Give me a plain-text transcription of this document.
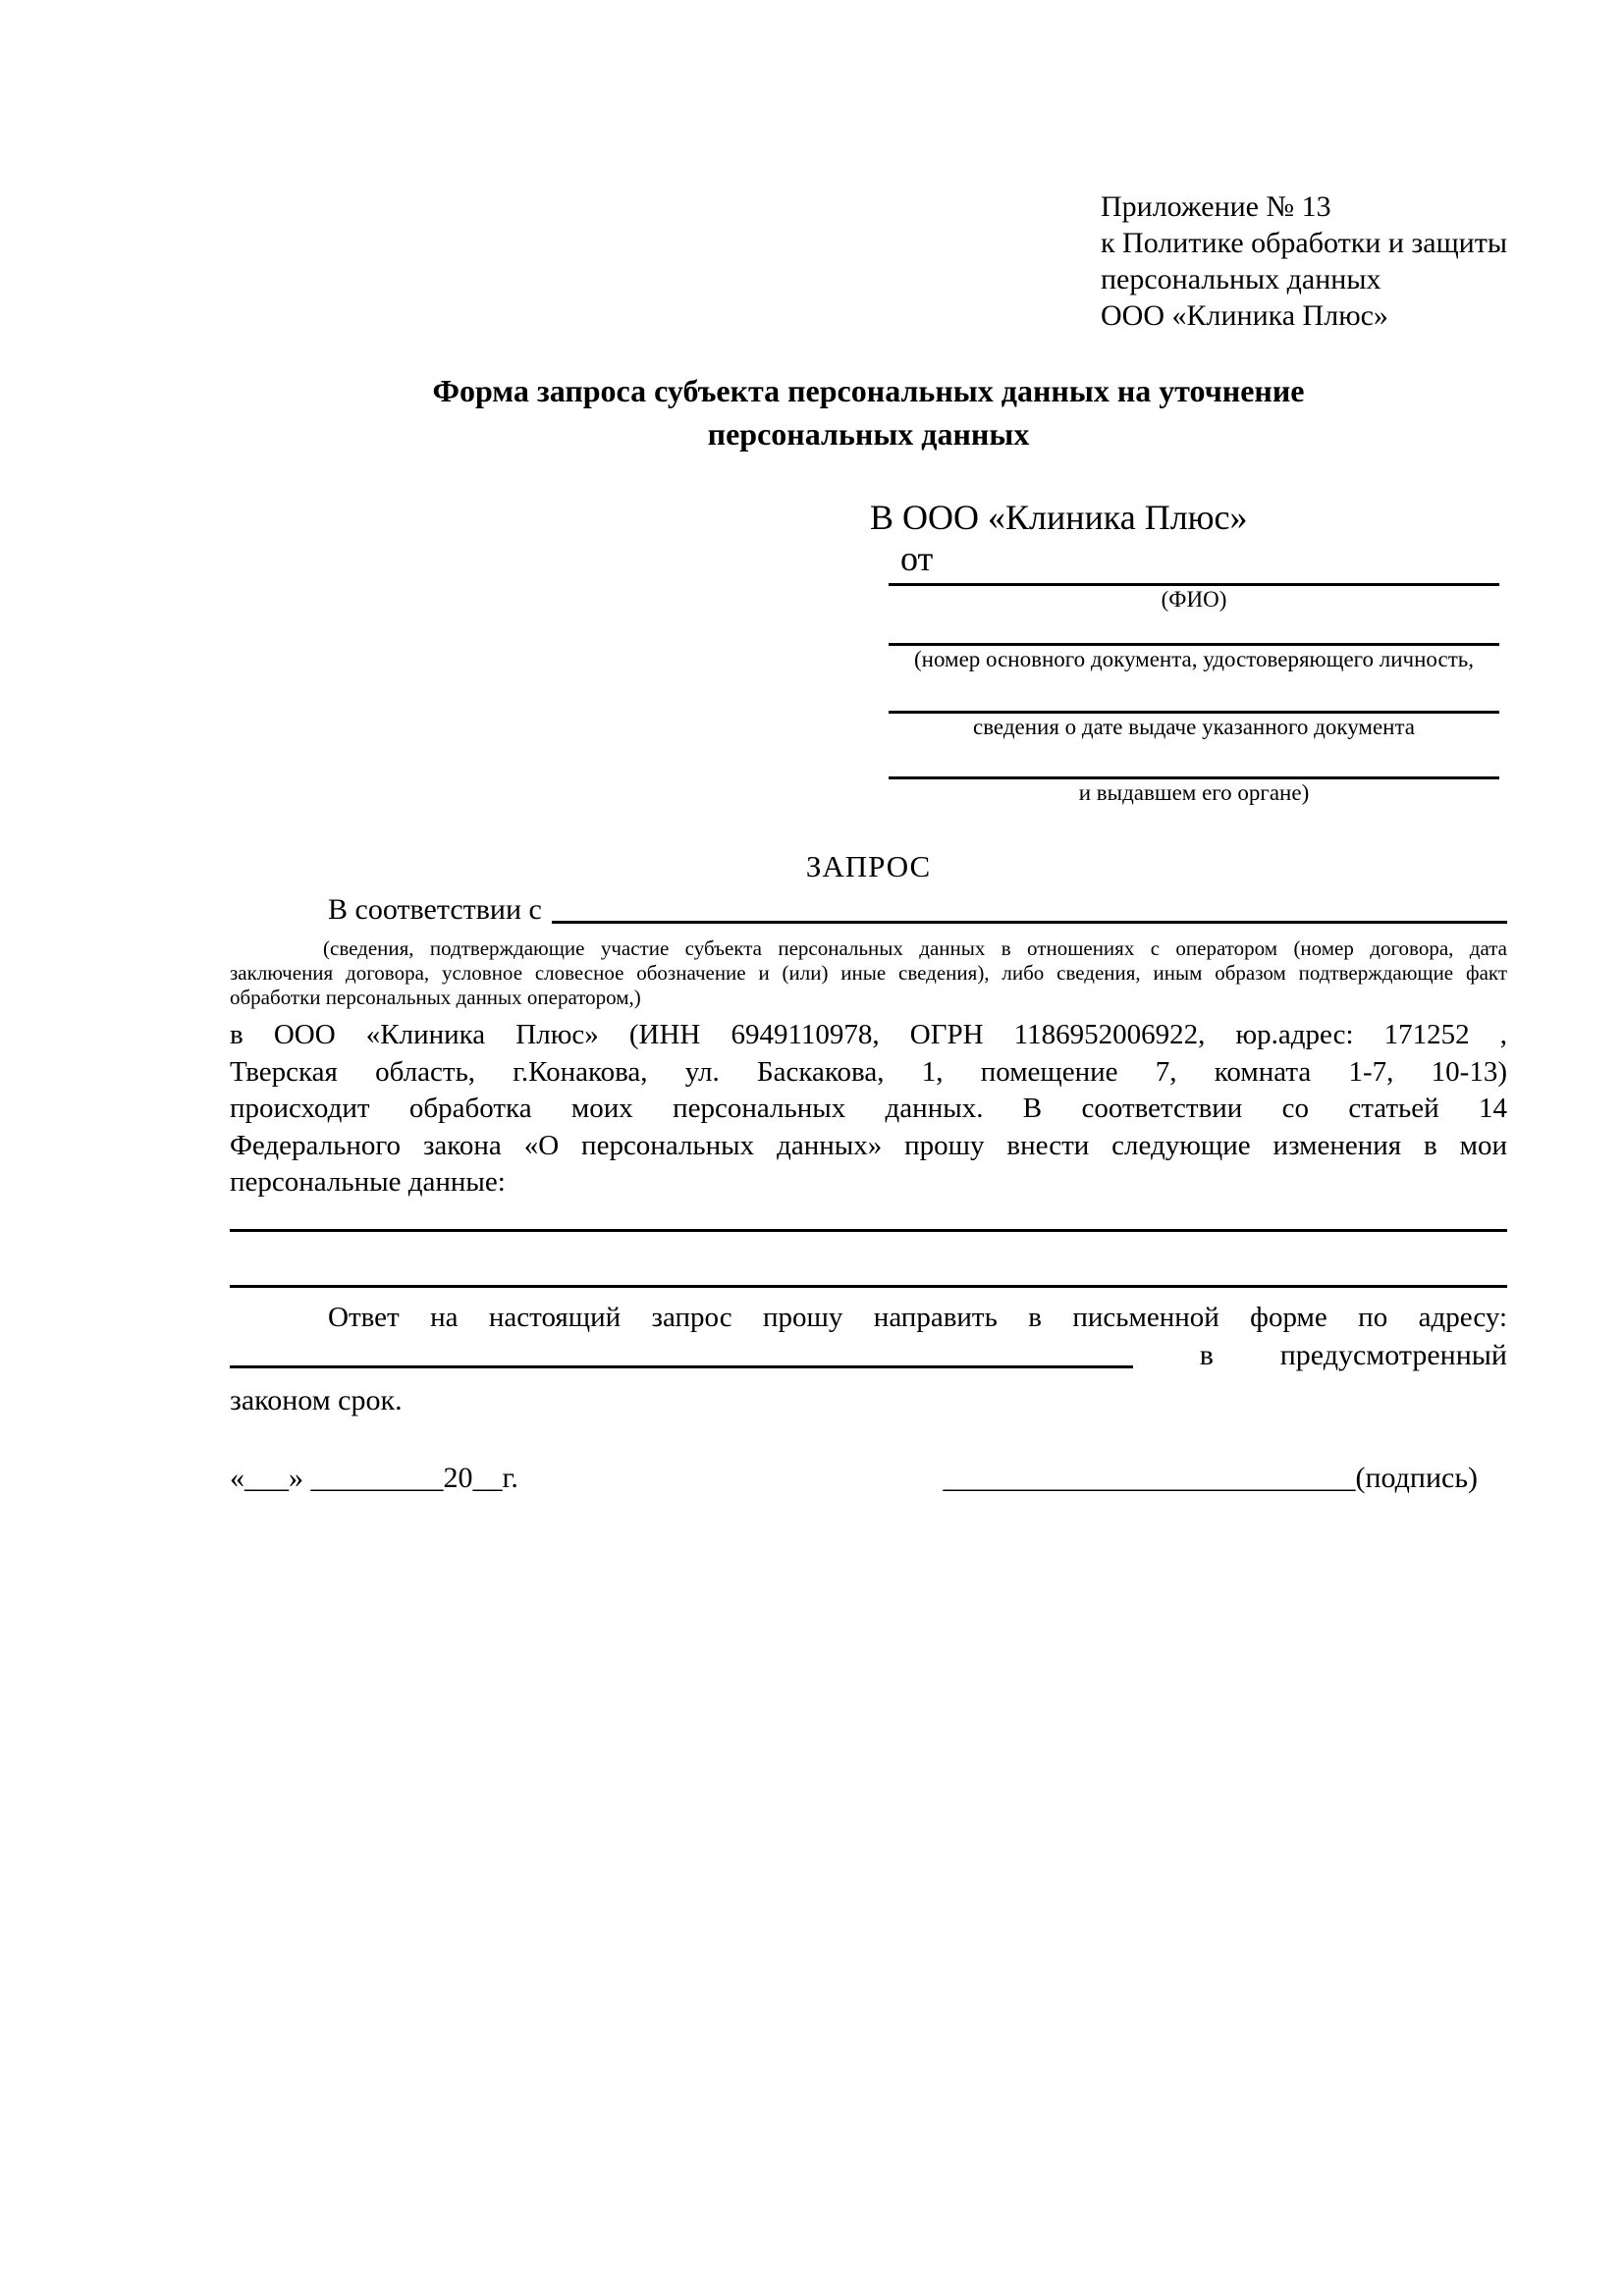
Приложение № 13
к Политике обработки и защиты
персональных данных
ООО «Клиника Плюс»
Форма запроса субъекта персональных данных на уточнение
персональных данных
В ООО «Клиника Плюс»
от
(ФИО)
(номер основного документа, удостоверяющего личность,
сведения о дате выдаче указанного документа
и выдавшем его органе)
ЗАПРОС
В соответствии с
(сведения, подтверждающие участие субъекта персональных данных в отношениях с оператором (номер договора, дата
заключения договора, условное словесное обозначение и (или) иные сведения), либо сведения, иным образом подтверждающие факт
обработки персональных данных оператором,)
в ООО «Клиника Плюс» (ИНН 6949110978, ОГРН 1186952006922, юр.адрес: 171252 ,
Тверская область, г.Конакова, ул. Баскакова, 1, помещение 7, комната 1-7, 10-13)
происходит обработка моих персональных данных. В соответствии со статьей 14
Федерального закона «О персональных данных» прошу внести следующие изменения в мои
персональные данные:
Ответ на настоящий запрос прошу направить в письменной форме по адресу:
в предусмотренный
законом срок.
«___» _________20__г.	____________________________(подпись)
